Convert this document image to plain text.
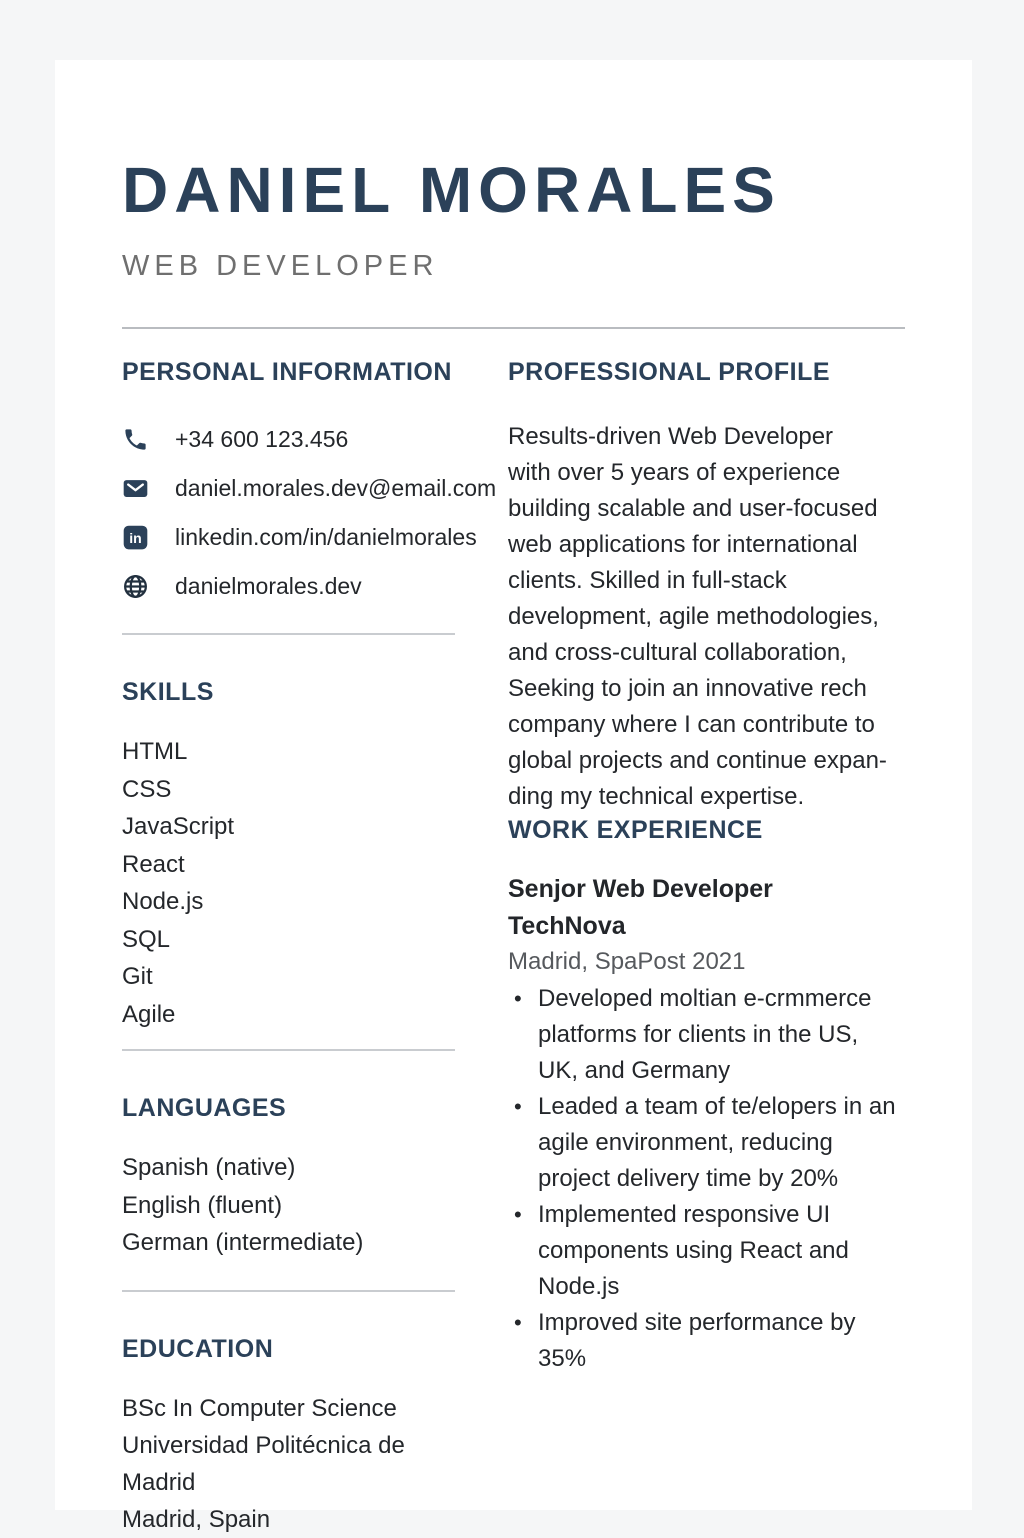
DANIEL MORALES
WEB DEVELOPER
PERSONAL INFORMATION
+34 600 123.456
daniel.morales.dev@email.com
in linkedin.com/in/danielmorales
danielmorales.dev
SKILLS
HTML
CSS
JavaScript
React
Node.js
SQL
Git
Agile
LANGUAGES
Spanish (native)
English (fluent)
German (intermediate)
EDUCATION
BSc In Computer Science
Universidad Politécnica de Madrid
Madrid, Spain
PROFESSIONAL PROFILE
Results-driven Web Developer
with over 5 years of experience
building scalable and user-focused
web applications for international
clients. Skilled in full-stack
development, agile methodologies,
and cross-cultural collaboration,
Seeking to join an innovative rech
company where I can contribute to
global projects and continue expan-
ding my technical expertise.
WORK EXPERIENCE
Senjor Web Developer
TechNova
Madrid, SpaPost 2021
• Developed moltian e-crmmerce
platforms for clients in the US,
UK, and Germany
• Leaded a team of te/elopers in an
agile environment, reducing
project delivery time by 20%
• Implemented responsive UI
components using React and Node.js
• Improved site performance by
35%
